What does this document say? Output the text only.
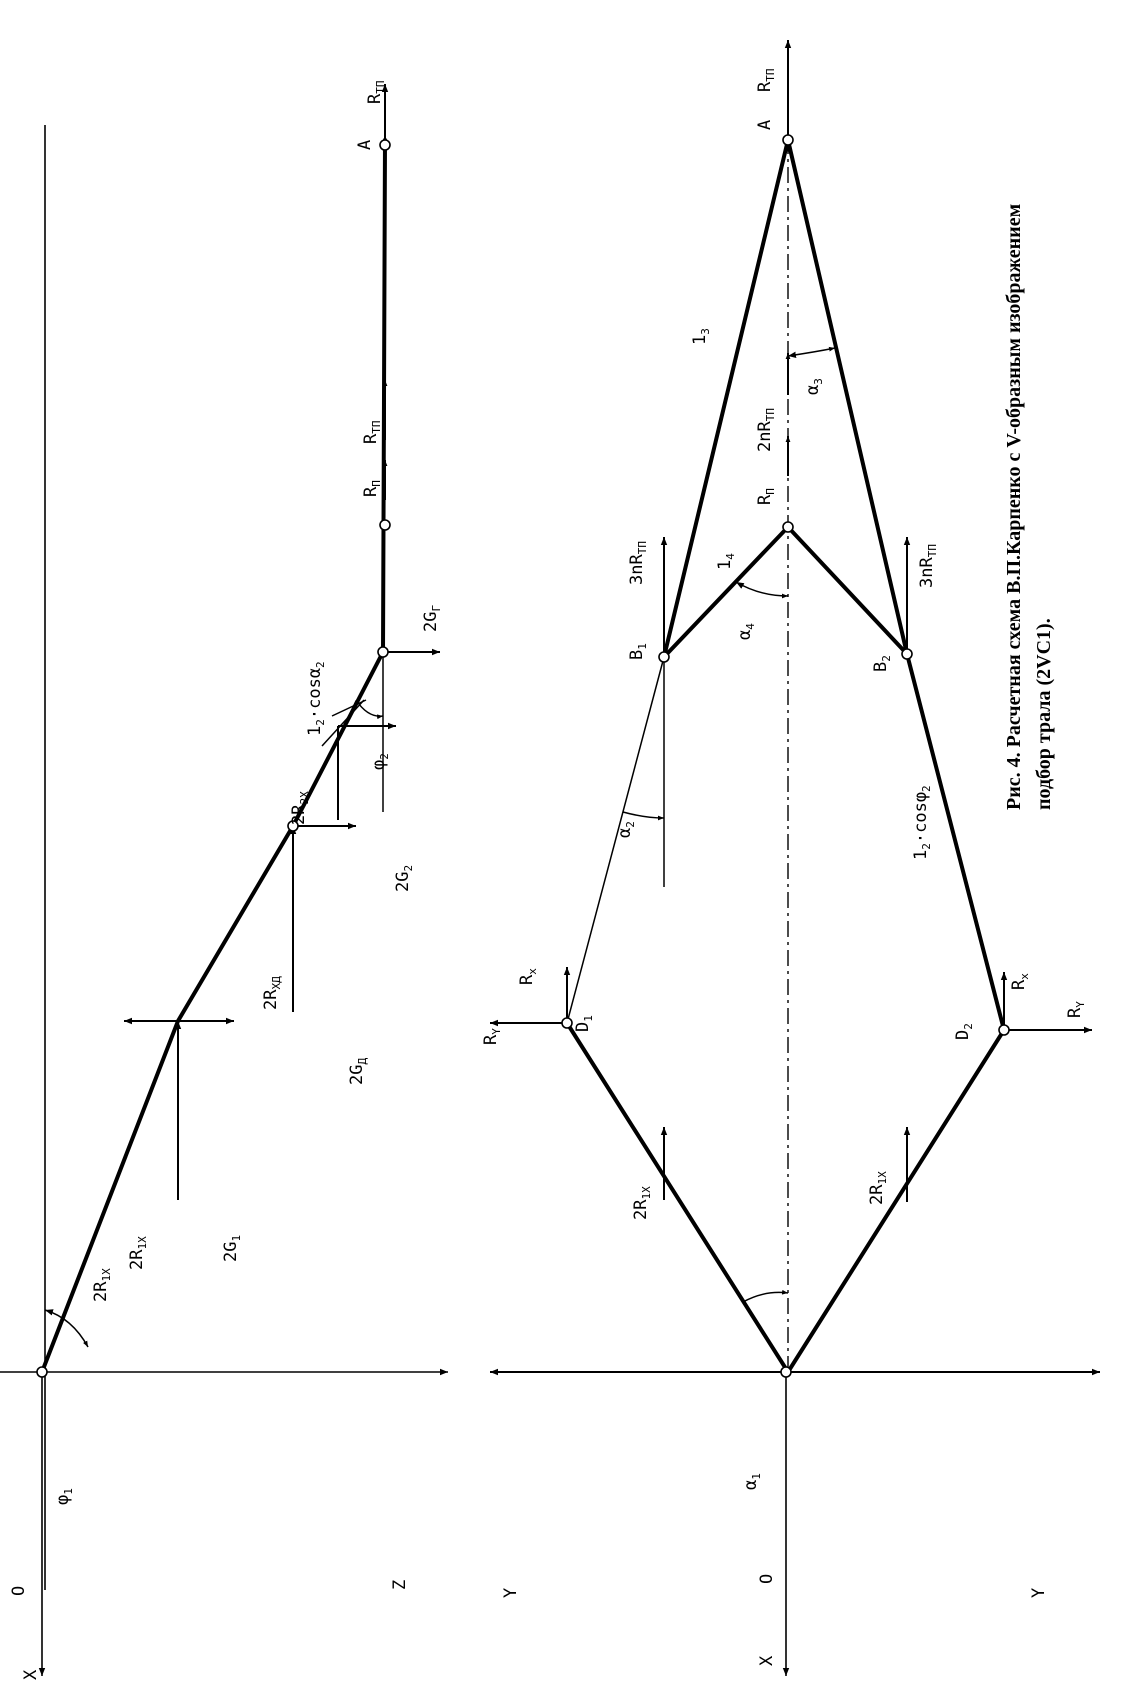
O
X
Z
A
$R_{ТП}$
$R_{ТП}$
$R_П$
$2G_Г$
$1_2\cdot\cos\alpha_2$
$\varphi_2$
$2R_{2X}$
$2G_2$
$2R_{XД}$
$2G_Д$
$2R_{1X}$
$2R_{1X}$
$2G_1$
$\varphi_1$
Y	Y
X
O
A
$R_{ТП}$
$1_3$
$2nR_{ТП}$
$\alpha_3$
$R_П$
$3nR_{ТП}$
$3nR_{ТП}$
$1_4$
$\alpha_4$
$B_1$
$B_2$
$\alpha_2$
$1_2\cdot\cos\varphi_2$
$R_x$
$D_1$
$R_Y$
$R_x$
$D_2$
$R_Y$
$2R_{1X}$	$2R_{1X}$
$\alpha_1$
Рис. 4. Расчетная схема В.П.Карпенко с V-образным изображением подбор трала (2VC1).
